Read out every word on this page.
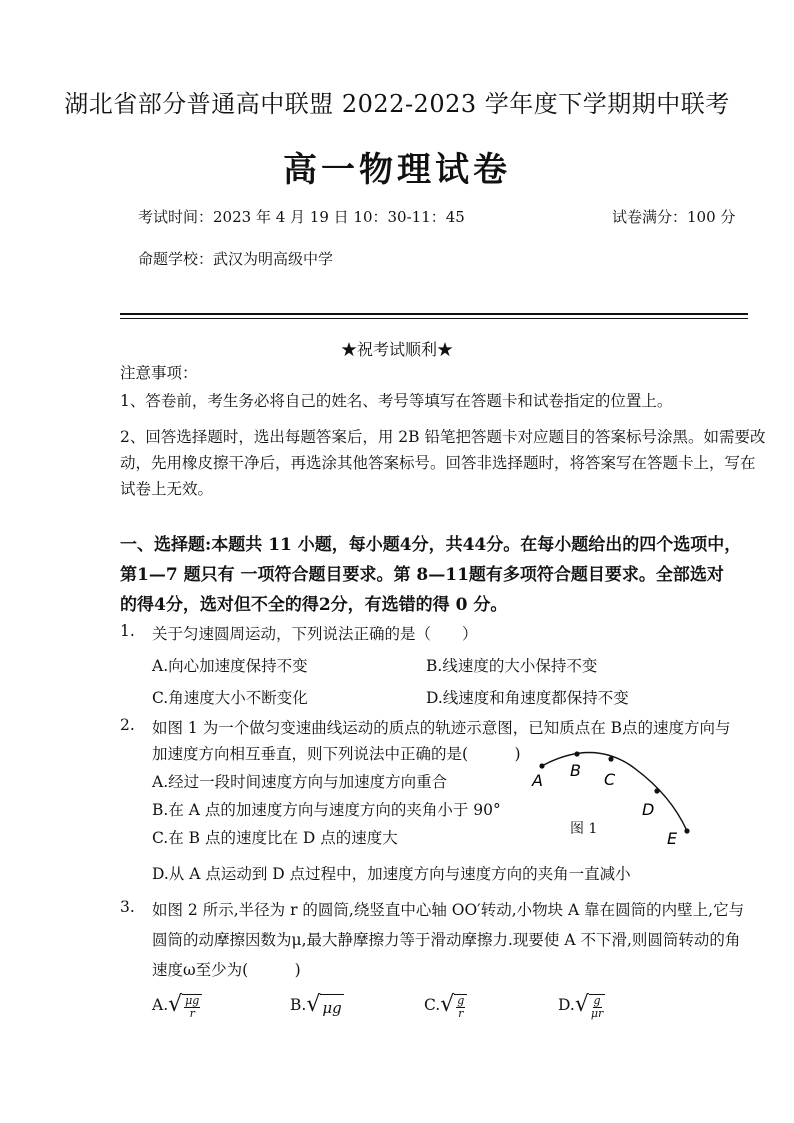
湖北省部分普通高中联盟 2022-2023 学年度下学期期中联考
高一物理试卷
考试时间：2023 年 4 月 19 日 10：30-11：45	试卷满分：100 分
命题学校：武汉为明高级中学
★祝考试顺利★
注意事项：
1、答卷前，考生务必将自己的姓名、考号等填写在答题卡和试卷指定的位置上。
2、回答选择题时，选出每题答案后，用 2B 铅笔把答题卡对应题目的答案标号涂黑。如需要改
动，先用橡皮擦干净后，再选涂其他答案标号。回答非选择题时，将答案写在答题卡上，写在
试卷上无效。
一、选择题:本题共 11 小题，每小题4分，共44分。在每小题给出的四个选项中，
第1—7 题只有 一项符合题目要求。第 8—11题有多项符合题目要求。全部选对
的得4分，选对但不全的得2分，有选错的得 0 分。
1. 关于匀速圆周运动，下列说法正确的是（　　）
A.向心加速度保持不变	B.线速度的大小保持不变
C.角速度大小不断变化	D.线速度和角速度都保持不变
2. 如图 1 为一个做匀变速曲线运动的质点的轨迹示意图，已知质点在 B点的速度方向与
加速度方向相互垂直，则下列说法中正确的是(　　　)
A.经过一段时间速度方向与加速度方向重合
B.在 A 点的加速度方向与速度方向的夹角小于 90°
C.在 B 点的速度比在 D 点的速度大
D.从 A 点运动到 D 点过程中，加速度方向与速度方向的夹角一直减小
A
B C
D
E
图 1
3. 如图 2 所示,半径为 r 的圆筒,绕竖直中心轴 OO′转动,小物块 A 靠在圆筒的内壁上,它与
圆筒的动摩擦因数为μ,最大静摩擦力等于滑动摩擦力.现要使 A 不下滑,则圆筒转动的角
速度ω至少为(　　　)
A. √ $\frac{\mu g}{r}$	B. √ μg	C. √ $\frac{g}{r}$	D. √ $\frac{g}{\mu r}$
